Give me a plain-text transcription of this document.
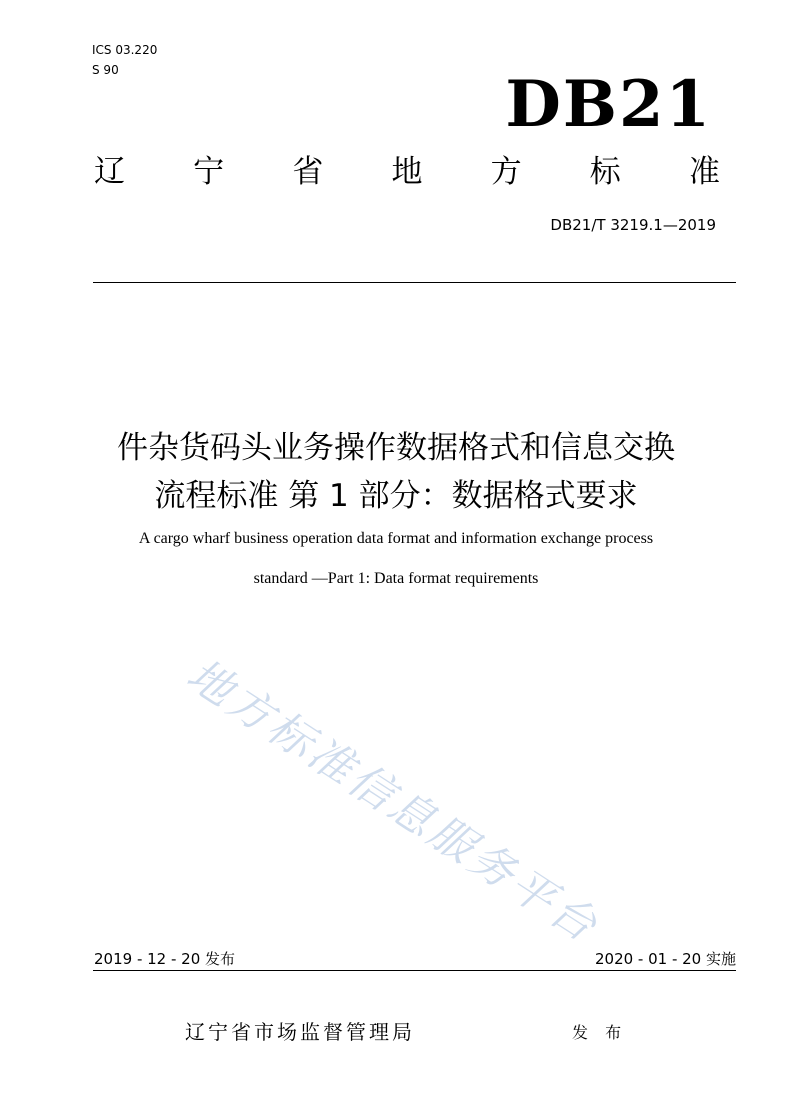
ICS 03.220
S 90	DB21
辽 宁 省 地 方 标 准
DB21/T 3219.1—2019
件杂货码头业务操作数据格式和信息交换
流程标准 第 1 部分：数据格式要求
A cargo wharf business operation data format and information exchange process
standard —Part 1: Data format requirements
地方标准信息服务平台
2019 - 12 - 20 发布	2020 - 01 - 20 实施
辽宁省市场监督管理局	发 布
